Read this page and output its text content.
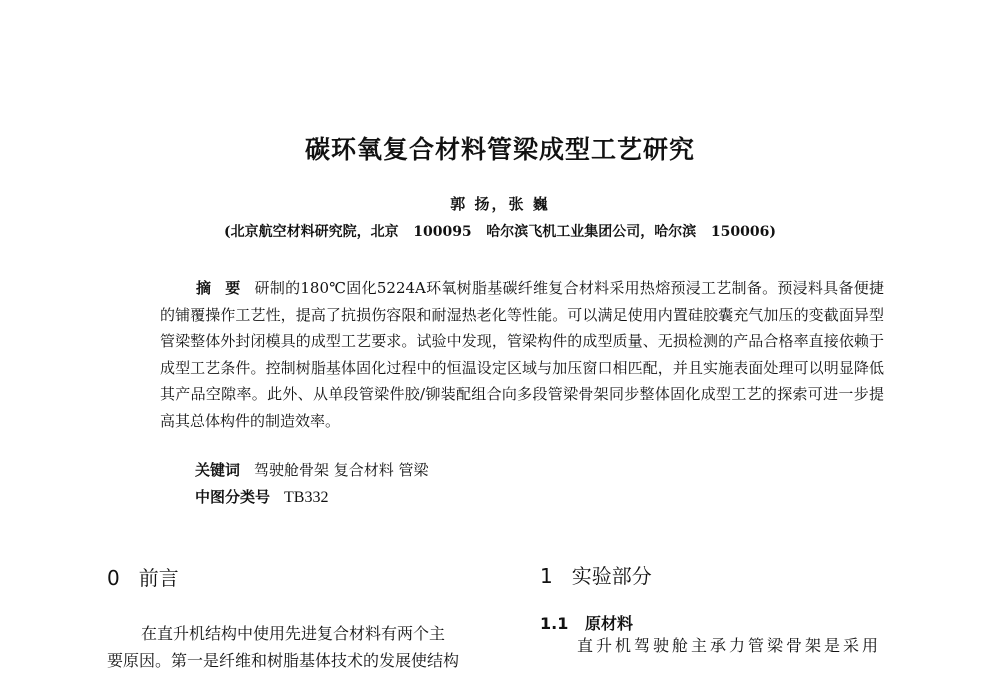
碳环氧复合材料管梁成型工艺研究
郭 扬，张 巍
(北京航空材料研究院，北京   100095   哈尔滨飞机工业集团公司，哈尔滨   150006)
摘要研制的180℃固化5224A环氧树脂基碳纤维复合材料采用热熔预浸工艺制备。预浸料具备便捷的铺覆操作工艺性，提高了抗损伤容限和耐湿热老化等性能。可以满足使用内置硅胶囊充气加压的变截面异型管梁整体外封闭模具的成型工艺要求。试验中发现，管梁构件的成型质量、无损检测的产品合格率直接依赖于成型工艺条件。控制树脂基体固化过程中的恒温设定区域与加压窗口相匹配，并且实施表面处理可以明显降低其产品空隙率。此外、从单段管梁件胶/铆装配组合向多段管梁骨架同步整体固化成型工艺的探索可进一步提高其总体构件的制造效率。
关键词 驾驶舱骨架 复合材料 管梁
中图分类号 TB332
0   前言
在直升机结构中使用先进复合材料有两个主
要原因。第一是纤维和树脂基体技术的发展使结构
1   实验部分
1.1   原材料
直升机驾驶舱主承力管梁骨架是采用
